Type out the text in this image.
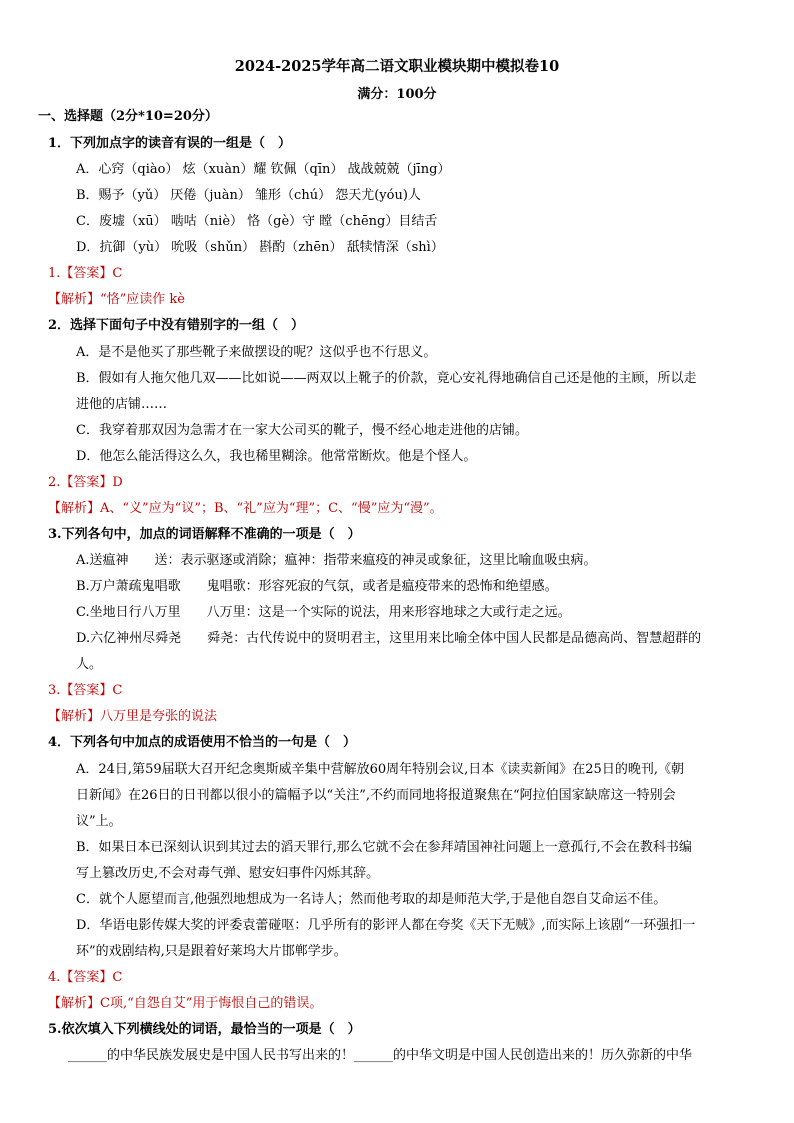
2024-2025学年高二语文职业模块期中模拟卷10
满分：100分
一、选择题（2分*10=20分）
1．下列加点字的读音有误的一组是（　）
A．心窍（qiào） 炫（xuàn）耀 钦佩（qīn） 战战兢兢（jīng）
B．赐予（yǔ） 厌倦（juàn） 雏形（chú） 怨天尤(yóu)人
C．废墟（xū） 啮咕（niè） 恪（gè）守 瞠（chēng）目结舌
D．抗御（yù） 吮吸（shǔn） 斟酌（zhēn） 舐犊情深（shì）
1.【答案】C
【解析】“恪”应读作 kè
2．选择下面句子中没有错别字的一组（　）
A．是不是他买了那些靴子来做摆设的呢？这似乎也不行思义。
B．假如有人拖欠他几双——比如说——两双以上靴子的价款，竟心安礼得地确信自己还是他的主顾，所以走
进他的店铺……
C．我穿着那双因为急需才在一家大公司买的靴子，慢不经心地走进他的店铺。
D．他怎么能活得这么久，我也稀里糊涂。他常常断炊。他是个怪人。
2.【答案】D
【解析】A、“义”应为“议”；B、“礼”应为“理”；C、“慢”应为“漫”。
3.下列各句中，加点的词语解释不准确的一项是（　）
A.送瘟神　　送：表示驱逐或消除；瘟神：指带来瘟疫的神灵或象征，这里比喻血吸虫病。
B.万户萧疏鬼唱歌　　鬼唱歌：形容死寂的气氛，或者是瘟疫带来的恐怖和绝望感。
C.坐地日行八万里　　八万里：这是一个实际的说法，用来形容地球之大或行走之远。
D.六亿神州尽舜尧　　舜尧：古代传说中的贤明君主，这里用来比喻全体中国人民都是品德高尚、智慧超群的
人。
3.【答案】C
【解析】八万里是夸张的说法
4．下列各句中加点的成语使用不恰当的一句是（　）
A．24日,第59届联大召开纪念奥斯威辛集中营解放60周年特别会议,日本《读卖新闻》在25日的晚刊,《朝
日新闻》在26日的日刊都以很小的篇幅予以“关注”,不约而同地将报道聚焦在“阿拉伯国家缺席这一特别会
议”上。
B．如果日本已深刻认识到其过去的滔天罪行,那么它就不会在参拜靖国神社问题上一意孤行,不会在教科书编
写上篡改历史,不会对毒气弹、慰安妇事件闪烁其辞。
C．就个人愿望而言,他强烈地想成为一名诗人；然而他考取的却是师范大学,于是他自怨自艾命运不佳。
D．华语电影传媒大奖的评委袁蕾碰呕：几乎所有的影评人都在夸奖《天下无贼》,而实际上该剧“一环强扣一
环”的戏剧结构,只是跟着好莱坞大片邯郸学步。
4.【答案】C
【解析】C项,“自怨自艾”用于悔恨自己的错误。
5.依次填入下列横线处的词语，最恰当的一项是（　）
______的中华民族发展史是中国人民书写出来的！______的中华文明是中国人民创造出来的！历久弥新的中华
